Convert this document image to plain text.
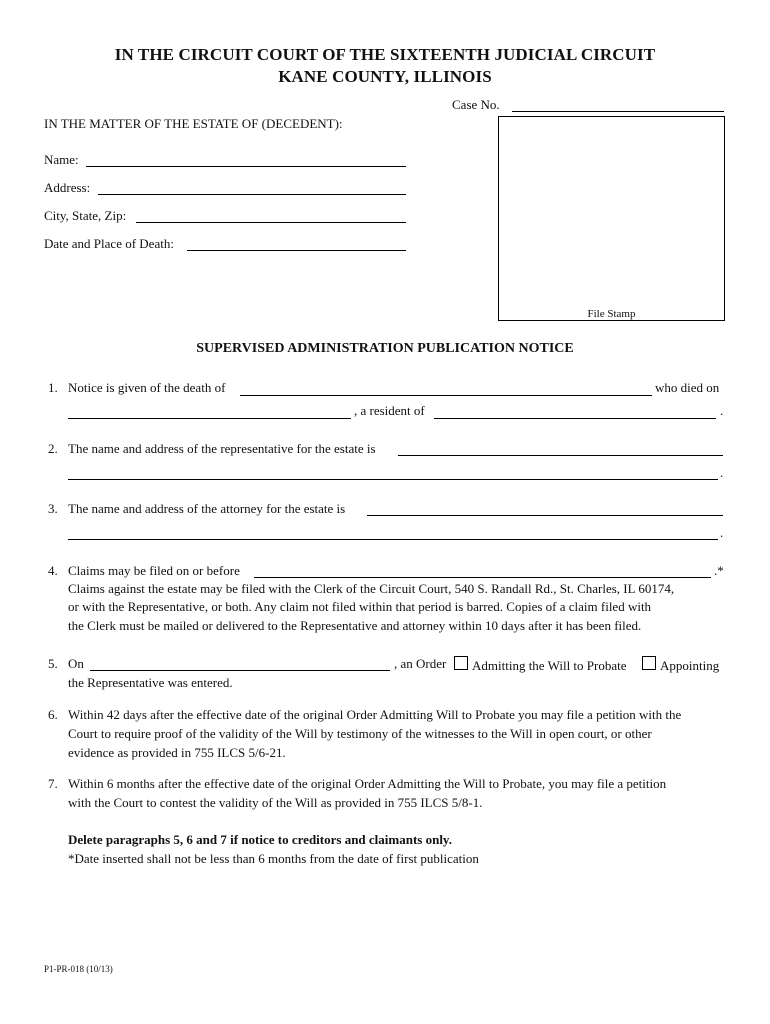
IN THE CIRCUIT COURT OF THE SIXTEENTH JUDICIAL CIRCUIT
KANE COUNTY, ILLINOIS
Case No.
IN THE MATTER OF THE ESTATE OF (DECEDENT):
Name:
Address:
City, State, Zip:
Date and Place of Death:
File Stamp
SUPERVISED ADMINISTRATION PUBLICATION NOTICE
1. Notice is given of the death of	who died on
, a resident of	.
2. The name and address of the representative for the estate is
.
3. The name and address of the attorney for the estate is
.
4. Claims may be filed on or before	.*
Claims against the estate may be filed with the Clerk of the Circuit Court, 540 S. Randall Rd., St. Charles, IL 60174,
or with the Representative, or both. Any claim not filed within that period is barred. Copies of a claim filed with
the Clerk must be mailed or delivered to the Representative and attorney within 10 days after it has been filed.
5. On	, an Order Admitting the Will to Probate	Appointing
the Representative was entered.
6. Within 42 days after the effective date of the original Order Admitting Will to Probate you may file a petition with the
Court to require proof of the validity of the Will by testimony of the witnesses to the Will in open court, or other
evidence as provided in 755 ILCS 5/6-21.
7. Within 6 months after the effective date of the original Order Admitting the Will to Probate, you may file a petition
with the Court to contest the validity of the Will as provided in 755 ILCS 5/8-1.
Delete paragraphs 5, 6 and 7 if notice to creditors and claimants only.
*Date inserted shall not be less than 6 months from the date of first publication
P1-PR-018 (10/13)
